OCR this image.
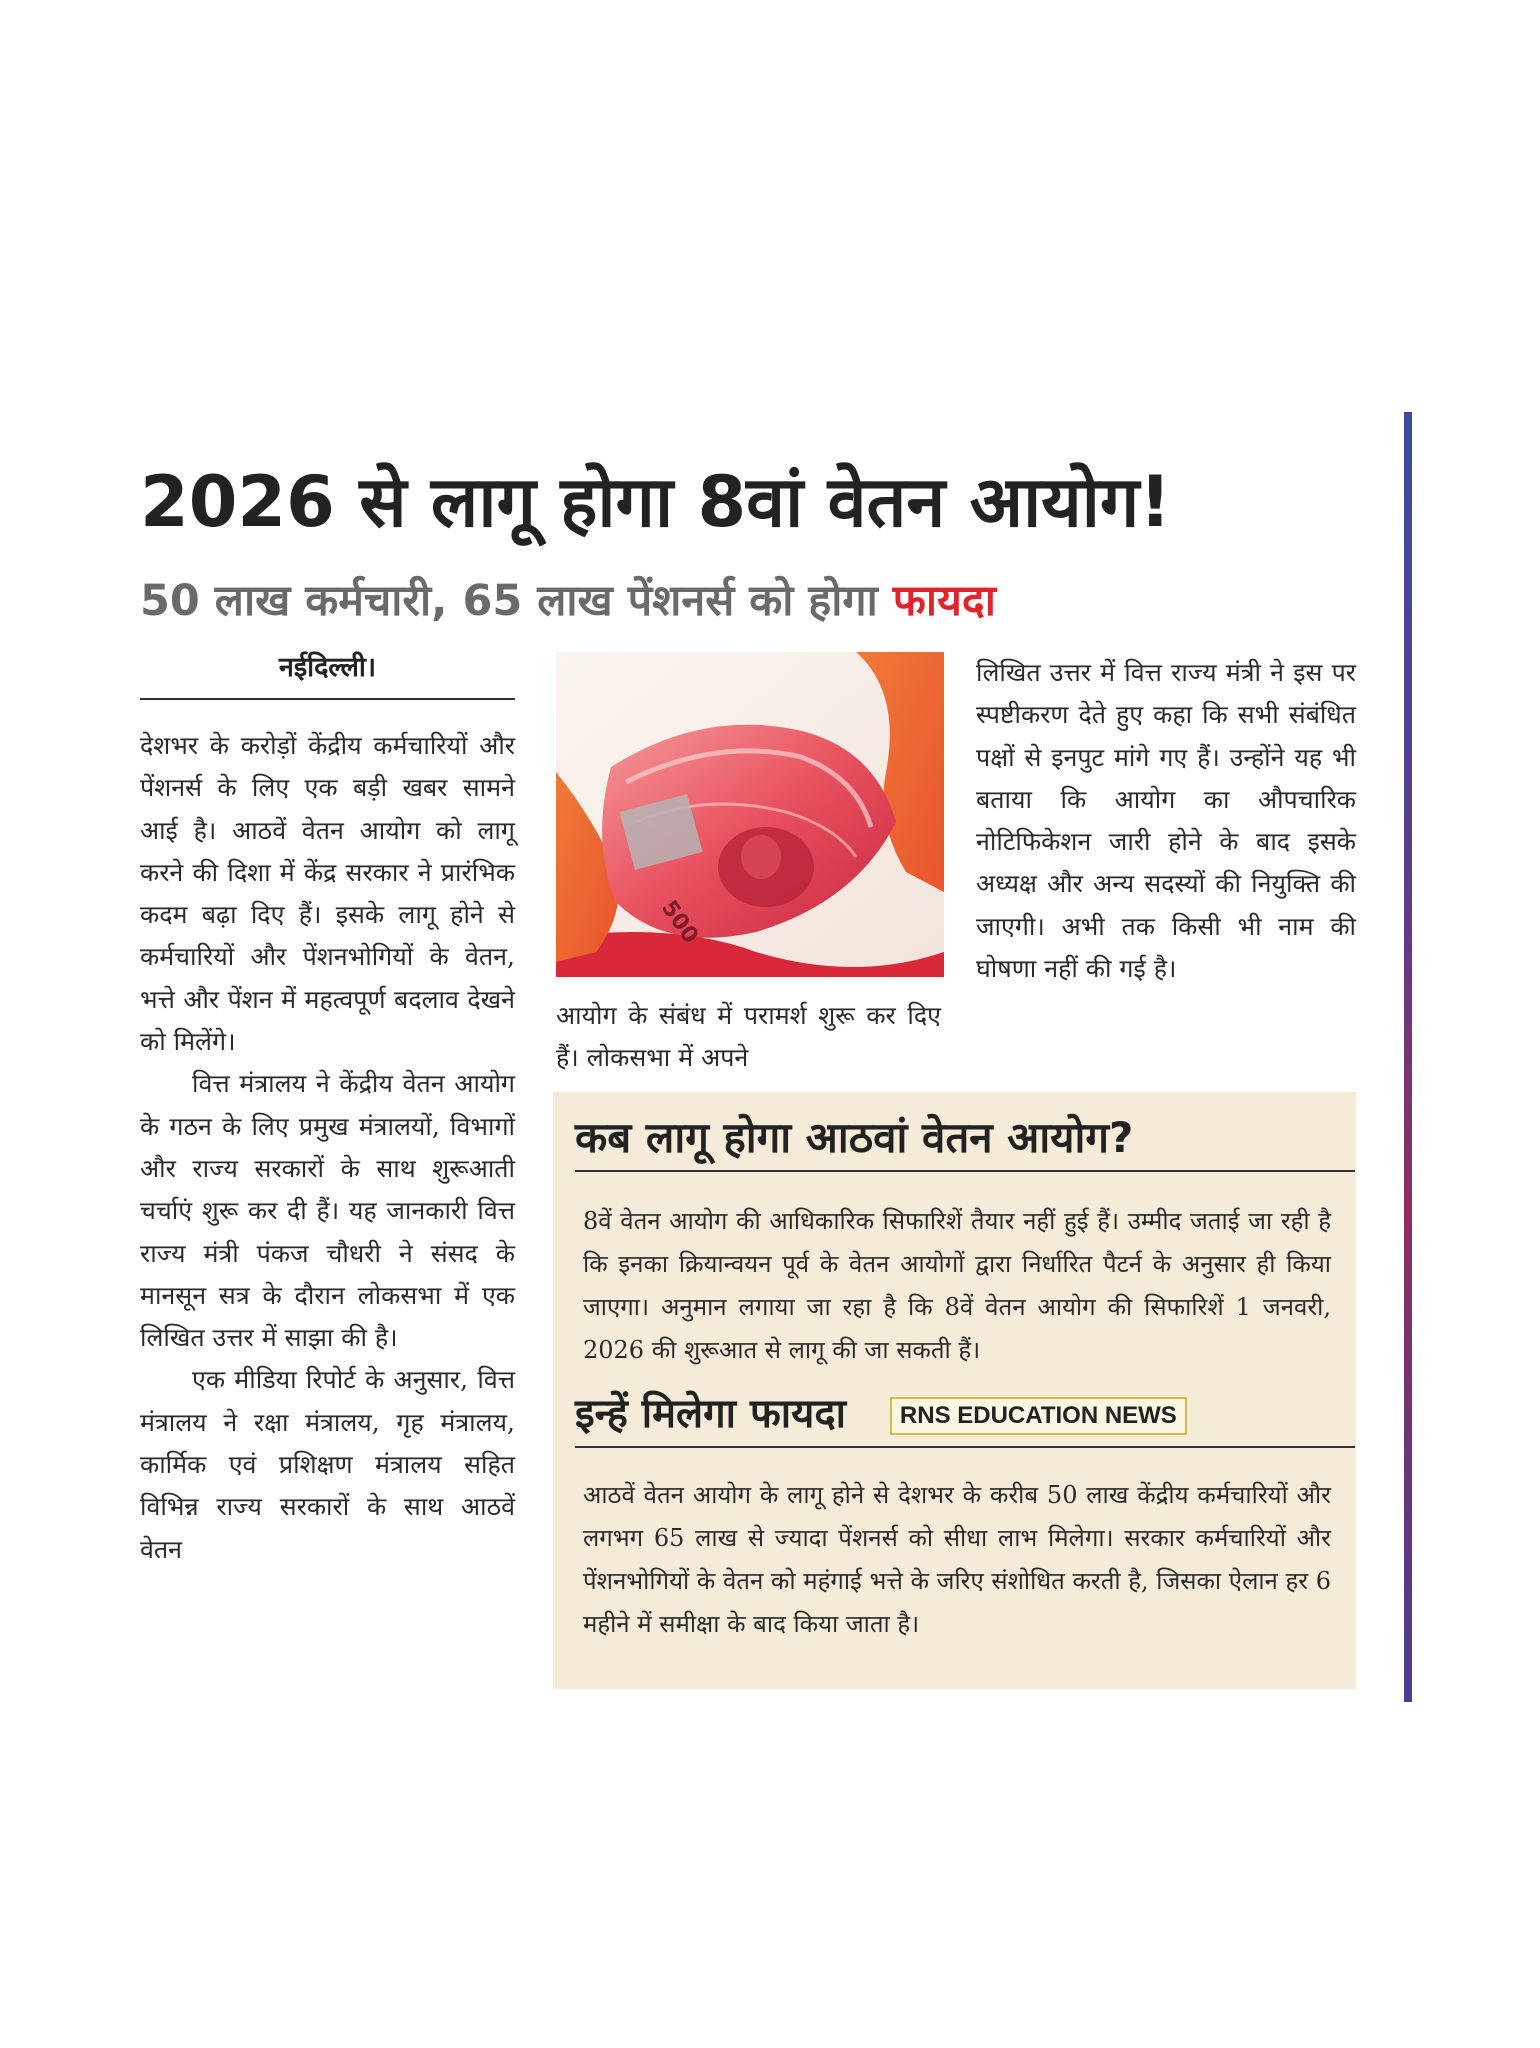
2026 से लागू होगा 8वां वेतन आयोग!
50 लाख कर्मचारी, 65 लाख पेंशनर्स को होगा फायदा
नईदिल्ली।

देशभर के करोड़ों केंद्रीय कर्मचारियों और पेंशनर्स के लिए एक बड़ी खबर सामने आई है। आठवें वेतन आयोग को लागू करने की दिशा में केंद्र सरकार ने प्रारंभिक कदम बढ़ा दिए हैं। इसके लागू होने से कर्मचारियों और पेंशनभोगियों के वेतन, भत्ते और पेंशन में महत्वपूर्ण बदलाव देखने को मिलेंगे।

वित्त मंत्रालय ने केंद्रीय वेतन आयोग के गठन के लिए प्रमुख मंत्रालयों, विभागों और राज्य सरकारों के साथ शुरूआती चर्चाएं शुरू कर दी हैं। यह जानकारी वित्त राज्य मंत्री पंकज चौधरी ने संसद के मानसून सत्र के दौरान लोकसभा में एक लिखित उत्तर में साझा की है।

एक मीडिया रिपोर्ट के अनुसार, वित्त मंत्रालय ने रक्षा मंत्रालय, गृह मंत्रालय, कार्मिक एवं प्रशिक्षण मंत्रालय सहित विभिन्न राज्य सरकारों के साथ आठवें वेतन

500

आयोग के संबंध में परामर्श शुरू कर दिए हैं। लोकसभा में अपने

लिखित उत्तर में वित्त राज्य मंत्री ने इस पर स्पष्टीकरण देते हुए कहा कि सभी संबंधित पक्षों से इनपुट मांगे गए हैं। उन्होंने यह भी बताया कि आयोग का औपचारिक नोटिफिकेशन जारी होने के बाद इसके अध्यक्ष और अन्य सदस्यों की नियुक्ति की जाएगी। अभी तक किसी भी नाम की घोषणा नहीं की गई है।

कब लागू होगा आठवां वेतन आयोग?

8वें वेतन आयोग की आधिकारिक सिफारिशें तैयार नहीं हुई हैं। उम्मीद जताई जा रही है कि इनका क्रियान्वयन पूर्व के वेतन आयोगों द्वारा निर्धारित पैटर्न के अनुसार ही किया जाएगा। अनुमान लगाया जा रहा है कि 8वें वेतन आयोग की सिफारिशें 1 जनवरी, 2026 की शुरूआत से लागू की जा सकती हैं।

इन्हें मिलेगा फायदा RNS EDUCATION NEWS

आठवें वेतन आयोग के लागू होने से देशभर के करीब 50 लाख केंद्रीय कर्मचारियों और लगभग 65 लाख से ज्यादा पेंशनर्स को सीधा लाभ मिलेगा। सरकार कर्मचारियों और पेंशनभोगियों के वेतन को महंगाई भत्ते के जरिए संशोधित करती है, जिसका ऐलान हर 6 महीने में समीक्षा के बाद किया जाता है।
